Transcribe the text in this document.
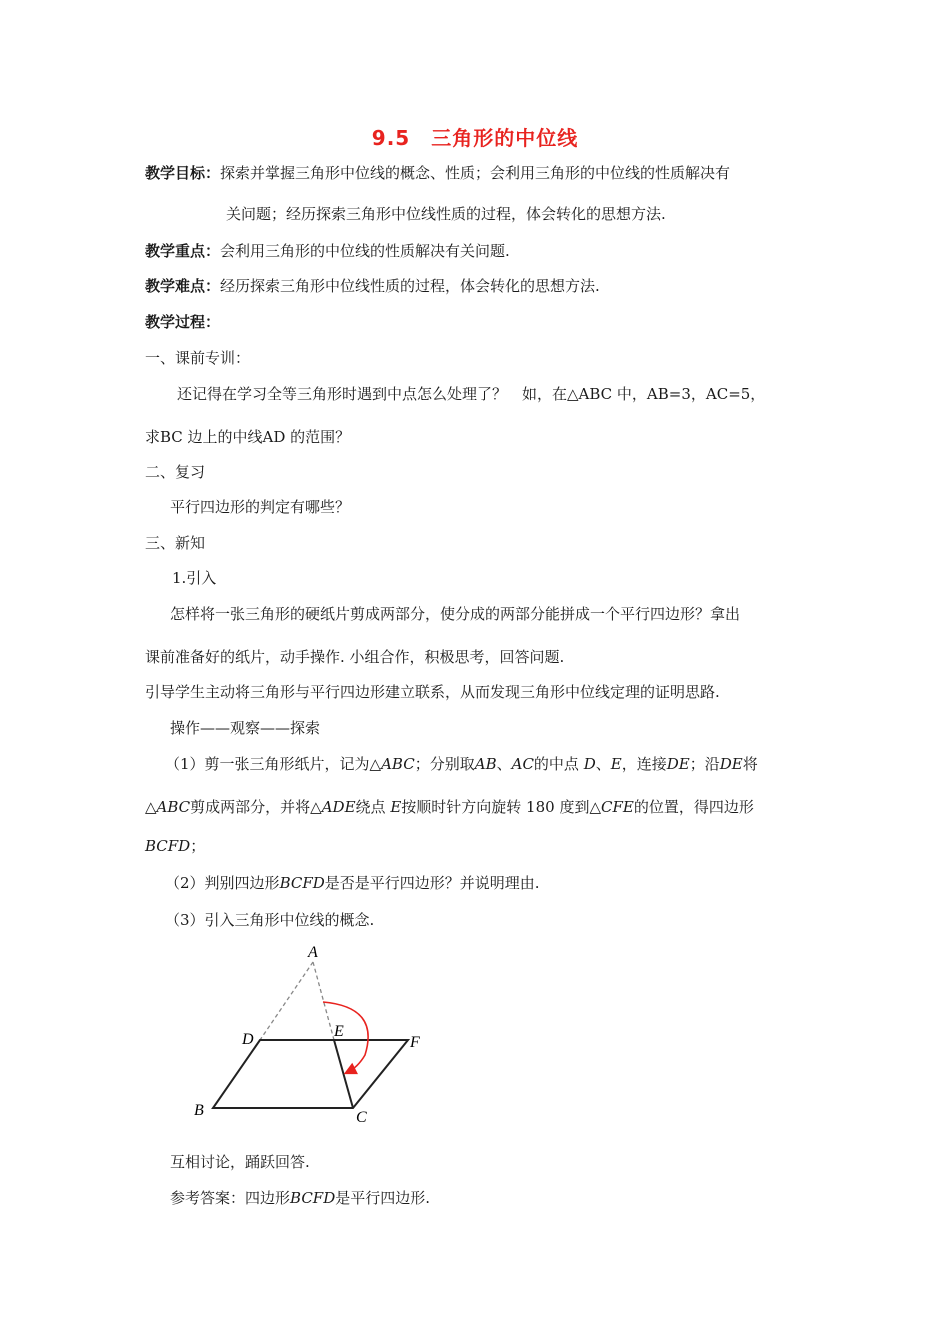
9.5　三角形的中位线
教学目标：探索并掌握三角形中位线的概念、性质；会利用三角形的中位线的性质解决有
关问题；经历探索三角形中位线性质的过程，体会转化的思想方法.
教学重点：会利用三角形的中位线的性质解决有关问题.
教学难点：经历探索三角形中位线性质的过程，体会转化的思想方法.
教学过程：
一、课前专训：
还记得在学习全等三角形时遇到中点怎么处理了？　如，在△ABC 中，AB=3，AC=5，
求BC 边上的中线AD 的范围？
二、复习
平行四边形的判定有哪些？
三、新知
1.引入
怎样将一张三角形的硬纸片剪成两部分，使分成的两部分能拼成一个平行四边形？拿出
课前准备好的纸片，动手操作. 小组合作，积极思考，回答问题.
引导学生主动将三角形与平行四边形建立联系，从而发现三角形中位线定理的证明思路.
操作——观察——探索
（1）剪一张三角形纸片，记为△ABC；分别取AB、AC的中点 D、E，连接DE；沿DE将
△ABC剪成两部分，并将△ADE绕点 E按顺时针方向旋转 180 度到△CFE的位置，得四边形
BCFD；
（2）判别四边形BCFD是否是平行四边形？并说明理由.
（3）引入三角形中位线的概念.
A
D	E
F
B	C
互相讨论，踊跃回答.
参考答案：四边形BCFD是平行四边形.
